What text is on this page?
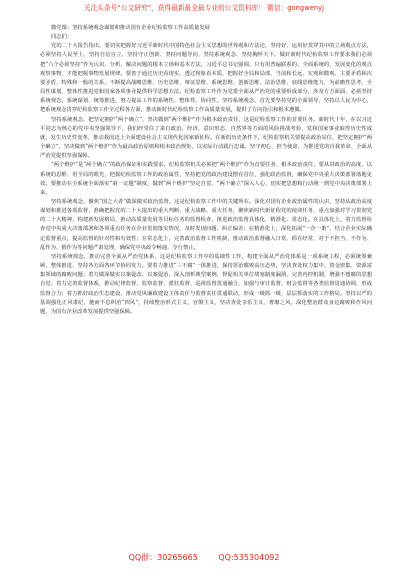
关注头条号“公文研究”，获得最新最全最专业的公文资料库！ 微信：gongwenyj

微党课：坚持系统观念谋划和推动国有企业纪检监察工作高质量发展

同志们：

党的二十大报告指出，要切实把握好习近平新时代中国特色社会主义思想的世界观和方法论，坚持好、运用好贯穿其中的立场观点方法，必须坚持人民至上、坚持自信自立、坚持守正创新、坚持问题导向、坚持系统观念、坚持胸怀天下。做好新时代纪检监察工作要求我们必须把“六个必须坚持”作为认识、分析、解决问题的根本立场和基本方法，习近平总书记强调，只有用普遍联系的、全面系统的、发展变化的观点观察事物，才能把握事物发展规律。要善于通过历史看现实、透过现象看本质，把握好全局和局部、当前和长远、宏观和微观、主要矛盾和次要矛盾、特殊和一般的关系，不断提高战略思维、历史思维、辩证思维、系统思维、创新思维、法治思维、底线思维能力，为前瞻性思考、全局性谋划、整体性推进党和国家各项事业提供科学思想方法。纪检监察工作作为党委全面从严治党的重要组成部分，涉及方方面面，必须坚持系统观念，系统谋划、统筹推进，努力提高工作的系统性、整体性、协同性。坚持系统观念，首先要坚持党的全面领导、坚持以人民为中心，把系统观念贯穿纪检监察工作全过程各方面，推动新时代纪检监察工作高质量发展，提供了方向指引和根本遵循。

坚持系统观念，把坚定拥护“两个确立”、坚决做到“两个维护”作为根本政治责任，这是纪检监察工作的首要任务。新时代十年，在以习近平同志为核心的党中央坚强领导下，我们经受住了来自政治、经济、意识形态、自然界等方面的风险挑战考验，党和国家事业取得历史性成就、发生历史性变革，推动我国迈上全面建设社会主义现代化国家新征程。在新的历史条件下，纪检监察机关要提高政治站位，把坚定拥护“两个确立”、坚决做到“两个维护”作为最高政治原则和根本政治规矩，以实际行动践行忠诚、坚守初心、担当使命，为推进党的自我革命、全面从严治党提供坚强保障。

“两个维护”是“两个确立”的政治保证和实践要求。纪检监察机关必须把“两个维护”作为首要任务、根本政治责任，要从讲政治的高度、以系统的思维、用全局的眼光，把握纪检监察工作的政治属性，坚持把党的政治建设摆在首位，强化政治监督，确保党中央重大决策部署落地见效。要推动在全系统全面落实“第一议题”制度，做到“两个维护”坚定自觉、“两个确立”深入人心，切实把思想和行动统一到党中央决策部署上来。

坚持系统观念，聚焦“国之大者”做深做实政治监督。这是纪检监察工作中的关键所在。深化对国有企业政治属性的认识，坚持从政治高度谋划和推进各项监督，准确把握党的二十大提出的重大判断、重大战略、重大任务，聚焦新时代新征程党的使命任务，重点加强对学习贯彻党的二十大精神、构建新发展格局、推动高质量发展等目标任务的监督检查，推进政治监督具体化、精准化、常态化。在具体化上，着力监督检查党中央重大决策部署和各项重点任务在企业贯彻落实情况，及时发现问题、纠正偏差；在精准化上，深化拓展“一企一策”，结合企业实际确定监督重点，提高监督的针对性和有效性；在常态化上，完善政治监督工作机制，推动政治监督融入日常、抓在经常，对于不担当、不作为、乱作为、假作为等问题严肃处理，确保党中央政令畅通、令行禁止。

坚持系统观念，推动完善全面从严治党体系，这是纪检监察工作中的基础性工作。构建全面从严治党体系是一项系统工程，必须统筹兼顾、整体推进，坚持各方面各环节协同发力。要着力推进“三不腐”一体推进，保持惩治腐败高压态势，坚决查处权力集中、资金密集、资源富集领域的腐败问题；着力做深做实以案促改、以案促治，深入剖析典型案例，督促相关单位堵塞制度漏洞、完善内控机制，增强不想腐的思想自觉；着力完善监督体系，推动纪律监督、监察监督、派驻监督、巡视监督贯通融合，加强与审计监督、财会监督等各类监督贯通协调，形成监督合力；着力抓好政治生态建设，推动党风廉政建设主体责任与监督责任贯通联动，形成一级抓一级、层层抓落实的工作格局。坚持以严的基调强化正风肃纪，驰而不息纠治“四风”，持续整治形式主义、官僚主义，坚决查处享乐主义、奢靡之风，深化整治群众身边腐败和作风问题，为国有企业改革发展提供坚强保障。

QQ群：30265665	QQ:535304092
